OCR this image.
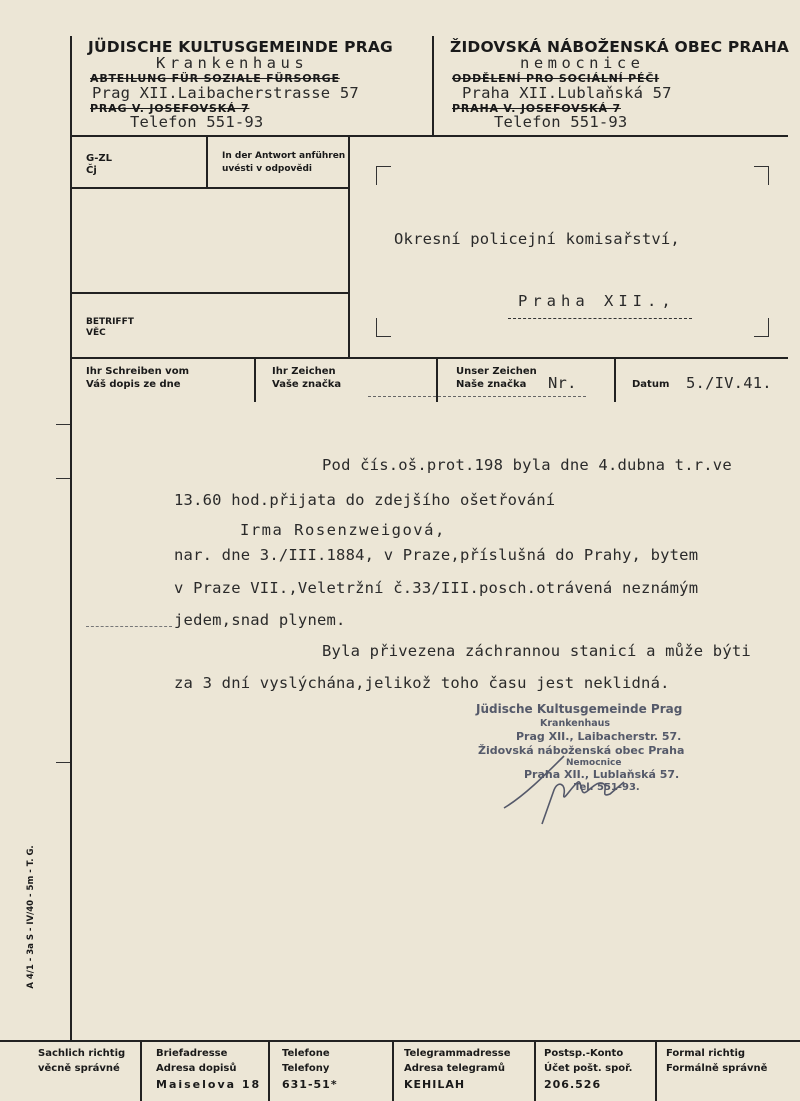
JÜDISCHE KULTUSGEMEINDE PRAG
Krankenhaus
ABTEILUNG FÜR SOZIALE FÜRSORGE
Prag XII.Laibacherstrasse 57
PRAG V. JOSEFOVSKÁ 7
Telefon 551-93
ŽIDOVSKÁ NÁBOŽENSKÁ OBEC PRAHA
nemocnice
ODDĚLENÍ PRO SOCIÁLNÍ PÉČI
Praha XII.Lublaňská 57
PRAHA V. JOSEFOVSKÁ 7
Telefon 551-93
G-ZL
Čj
In der Antwort anführen
uvésti v odpovědi
BETRIFFT
VĚC
Okresní policejní komisařství,
Praha XII.,
Ihr Schreiben vom
Váš dopis ze dne
Ihr Zeichen
Vaše značka
Unser Zeichen
Naše značka Nr.	Datum 5./IV.41.
Pod čís.oš.prot.198 byla dne 4.dubna t.r.ve
13.60 hod.přijata do zdejšího ošetřování
Irma Rosenzweigová,
nar. dne 3./III.1884, v Praze,příslušná do Prahy, bytem
v Praze VII.,Veletržní č.33/III.posch.otrávená neznámým
jedem,snad plynem.
Byla přivezena záchrannou stanicí a může býti
za 3 dní vyslýchána,jelikož toho času jest neklidná.
Jüdische Kultusgemeinde Prag
Krankenhaus
Prag XII., Laibacherstr. 57.
Židovská náboženská obec Praha
Nemocnice
Praha XII., Lublaňská 57.
Tel. 551-93.
A 4/1 - 3a S - IV/40 - 5m - T. G.
Sachlich richtig
věcně správné
Briefadresse
Adresa dopisů
Maiselova 18
Telefone
Telefony
631-51*
Telegrammadresse
Adresa telegramů
KEHILAH
Postsp.-Konto
Účet pošt. spoř.
206.526
Formal richtig
Formálně správně
